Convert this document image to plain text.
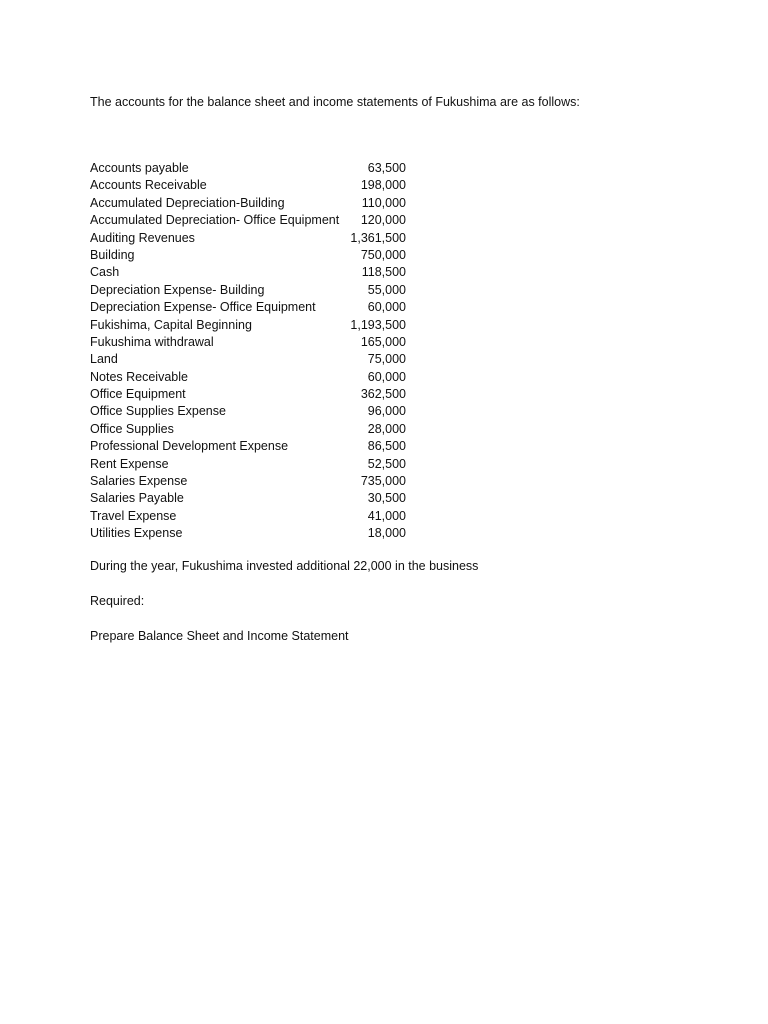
The accounts for the balance sheet and income statements of Fukushima are as follows:
Accounts payable	63,500
Accounts Receivable	198,000
Accumulated Depreciation-Building	110,000
Accumulated Depreciation- Office Equipment 120,000
Auditing Revenues	1,361,500
Building	750,000
Cash	118,500
Depreciation Expense- Building	55,000
Depreciation Expense- Office Equipment	60,000
Fukishima, Capital Beginning	1,193,500
Fukushima withdrawal	165,000
Land	75,000
Notes Receivable	60,000
Office Equipment	362,500
Office Supplies Expense	96,000
Office Supplies	28,000
Professional Development Expense	86,500
Rent Expense	52,500
Salaries Expense	735,000
Salaries Payable	30,500
Travel Expense	41,000
Utilities Expense	18,000
During the year, Fukushima invested additional 22,000 in the business
Required:
Prepare Balance Sheet and Income Statement
